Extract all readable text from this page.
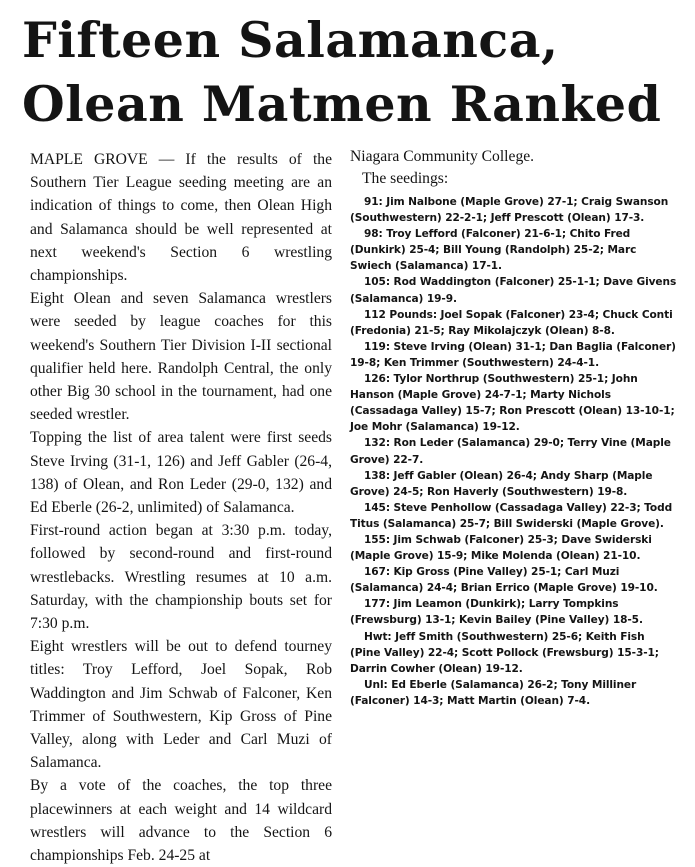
Fifteen Salamanca,
Olean Matmen Ranked

MAPLE GROVE — If the results of the Southern Tier League seeding meeting are an indication of things to come, then Olean High and Salamanca should be well represented at next weekend's Section 6 wrestling championships.

Eight Olean and seven Salamanca wrestlers were seeded by league coaches for this weekend's Southern Tier Division I-II sectional qualifier held here. Randolph Central, the only other Big 30 school in the tournament, had one seeded wrestler.

Topping the list of area talent were first seeds Steve Irving (31-1, 126) and Jeff Gabler (26-4, 138) of Olean, and Ron Leder (29-0, 132) and Ed Eberle (26-2, unlimited) of Salamanca.

First-round action began at 3:30 p.m. today, followed by second-round and first-round wrestlebacks. Wrestling resumes at 10 a.m. Saturday, with the championship bouts set for 7:30 p.m.

Eight wrestlers will be out to defend tourney titles: Troy Lefford, Joel Sopak, Rob Waddington and Jim Schwab of Falconer, Ken Trimmer of Southwestern, Kip Gross of Pine Valley, along with Leder and Carl Muzi of Salamanca.

By a vote of the coaches, the top three placewinners at each weight and 14 wildcard wrestlers will advance to the Section 6 championships Feb. 24-25 at

Niagara Community College.

The seedings:

91: Jim Nalbone (Maple Grove) 27-1; Craig Swanson (Southwestern) 22-2-1; Jeff Prescott (Olean) 17-3.

98: Troy Lefford (Falconer) 21-6-1; Chito Fred (Dunkirk) 25-4; Bill Young (Randolph) 25-2; Marc Swiech (Salamanca) 17-1.

105: Rod Waddington (Falconer) 25-1-1; Dave Givens (Salamanca) 19-9.

112 Pounds: Joel Sopak (Falconer) 23-4; Chuck Conti (Fredonia) 21-5; Ray Mikolajczyk (Olean) 8-8.

119: Steve Irving (Olean) 31-1; Dan Baglia (Falconer) 19-8; Ken Trimmer (Southwestern) 24-4-1.

126: Tylor Northrup (Southwestern) 25-1; John Hanson (Maple Grove) 24-7-1; Marty Nichols (Cassadaga Valley) 15-7; Ron Prescott (Olean) 13-10-1; Joe Mohr (Salamanca) 19-12.

132: Ron Leder (Salamanca) 29-0; Terry Vine (Maple Grove) 22-7.

138: Jeff Gabler (Olean) 26-4; Andy Sharp (Maple Grove) 24-5; Ron Haverly (Southwestern) 19-8.

145: Steve Penhollow (Cassadaga Valley) 22-3; Todd Titus (Salamanca) 25-7; Bill Swiderski (Maple Grove).

155: Jim Schwab (Falconer) 25-3; Dave Swiderski (Maple Grove) 15-9; Mike Molenda (Olean) 21-10.

167: Kip Gross (Pine Valley) 25-1; Carl Muzi (Salamanca) 24-4; Brian Errico (Maple Grove) 19-10.

177: Jim Leamon (Dunkirk); Larry Tompkins (Frewsburg) 13-1; Kevin Bailey (Pine Valley) 18-5.

Hwt: Jeff Smith (Southwestern) 25-6; Keith Fish (Pine Valley) 22-4; Scott Pollock (Frewsburg) 15-3-1; Darrin Cowher (Olean) 19-12.

Unl: Ed Eberle (Salamanca) 26-2; Tony Milliner (Falconer) 14-3; Matt Martin (Olean) 7-4.
